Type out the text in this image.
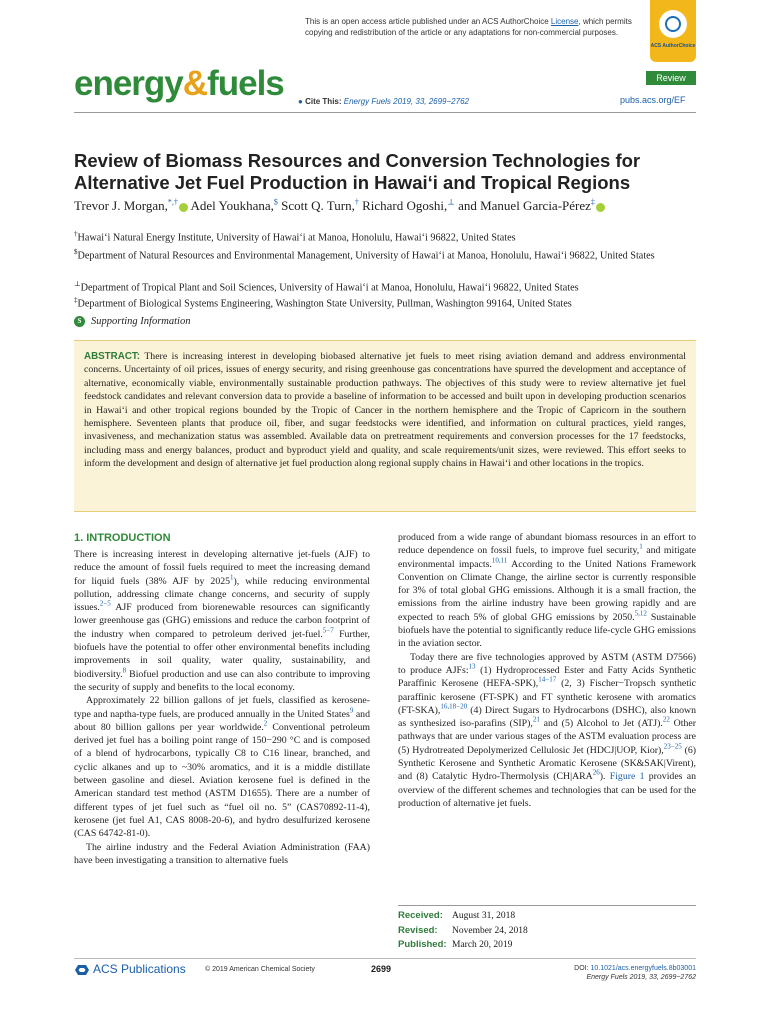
This is an open access article published under an ACS AuthorChoice License, which permits copying and redistribution of the article or any adaptations for non-commercial purposes.
ACS AuthorChoice
energy&fuels ● Cite This: Energy Fuels 2019, 33, 2699−2762
Review
pubs.acs.org/EF
Review of Biomass Resources and Conversion Technologies for Alternative Jet Fuel Production in Hawai‘i and Tropical Regions
Trevor J. Morgan,*,† Adel Youkhana,$ Scott Q. Turn,† Richard Ogoshi,⊥ and Manuel Garcia-Pérez‡
†Hawai‘i Natural Energy Institute, University of Hawai‘i at Manoa, Honolulu, Hawai‘i 96822, United States
$Department of Natural Resources and Environmental Management, University of Hawai‘i at Manoa, Honolulu, Hawai‘i 96822, United States
⊥Department of Tropical Plant and Soil Sciences, University of Hawai‘i at Manoa, Honolulu, Hawai‘i 96822, United States
‡Department of Biological Systems Engineering, Washington State University, Pullman, Washington 99164, United States
S Supporting Information

ABSTRACT: There is increasing interest in developing biobased alternative jet fuels to meet rising aviation demand and address environmental concerns. Uncertainty of oil prices, issues of energy security, and rising greenhouse gas concentrations have spurred the development and acceptance of alternative, economically viable, environmentally sustainable production pathways. The objectives of this study were to review alternative jet fuel feedstock candidates and relevant conversion data to provide a baseline of information to be accessed and built upon in developing production scenarios in Hawai‘i and other tropical regions bounded by the Tropic of Cancer in the northern hemisphere and the Tropic of Capricorn in the southern hemisphere. Seventeen plants that produce oil, fiber, and sugar feedstocks were identified, and information on cultural practices, yield ranges, invasiveness, and mechanization status was assembled. Available data on pretreatment requirements and conversion processes for the 17 feedstocks, including mass and energy balances, product and byproduct yield and quality, and scale requirements/unit sizes, were reviewed. This effort seeks to inform the development and design of alternative jet fuel production along regional supply chains in Hawai‘i and other locations in the tropics.

1. INTRODUCTION

There is increasing interest in developing alternative jet-fuels (AJF) to reduce the amount of fossil fuels required to meet the increasing demand for liquid fuels (38% AJF by 2025$^1$), while reducing environmental pollution, addressing climate change concerns, and security of supply issues.$^{2-5}$ AJF produced from biorenewable resources can significantly lower greenhouse gas (GHG) emissions and reduce the carbon footprint of the industry when compared to petroleum derived jet-fuel.$^{5-7}$ Further, biofuels have the potential to offer other environmental benefits including improvements in soil quality, water quality, sustainability, and biodiversity.$^8$ Biofuel production and use can also contribute to improving the security of supply and benefits to the local economy.

Approximately 22 billion gallons of jet fuels, classified as kerosene-type and naptha-type fuels, are produced annually in the United States$^9$ and about 80 billion gallons per year worldwide.$^2$ Conventional petroleum derived jet fuel has a boiling point range of 150−290 °C and is composed of a blend of hydrocarbons, typically C8 to C16 linear, branched, and cyclic alkanes and up to ~30% aromatics, and it is a middle distillate between gasoline and diesel. Aviation kerosene fuel is defined in the American standard test method (ASTM D1655). There are a number of different types of jet fuel such as “fuel oil no. 5” (CAS70892-11-4), kerosene (jet fuel A1, CAS 8008-20-6), and hydro desulfurized kerosene (CAS 64742-81-0).

The airline industry and the Federal Aviation Administration (FAA) have been investigating a transition to alternative fuels

produced from a wide range of abundant biomass resources in an effort to reduce dependence on fossil fuels, to improve fuel security,$^1$ and mitigate environmental impacts.$^{10,11}$ According to the United Nations Framework Convention on Climate Change, the airline sector is currently responsible for 3% of total global GHG emissions. Although it is a small fraction, the emissions from the airline industry have been growing rapidly and are expected to reach 5% of global GHG emissions by 2050.$^{5,12}$ Sustainable biofuels have the potential to significantly reduce life-cycle GHG emissions in the aviation sector.

Today there are five technologies approved by ASTM (ASTM D7566) to produce AJFs:$^{13}$ (1) Hydroprocessed Ester and Fatty Acids Synthetic Paraffinic Kerosene (HEFA-SPK),$^{14-17}$ (2, 3) Fischer−Tropsch synthetic paraffinic kerosene (FT-SPK) and FT synthetic kerosene with aromatics (FT-SKA),$^{16,18-20}$ (4) Direct Sugars to Hydrocarbons (DSHC), also known as synthesized iso-parafins (SIP),$^{21}$ and (5) Alcohol to Jet (ATJ).$^{22}$ Other pathways that are under various stages of the ASTM evaluation process are (5) Hydrotreated Depolymerized Cellulosic Jet (HDCJ|UOP, Kior),$^{23-25}$ (6) Synthetic Kerosene and Synthetic Aromatic Kerosene (SK&SAK|Virent), and (8) Catalytic Hydro-Thermolysis (CH|ARA$^{26}$). Figure 1 provides an overview of the different schemes and technologies that can be used for the production of alternative jet fuels.

Received: August 31, 2018
Revised: November 24, 2018
Published: March 20, 2019
ACS Publications	© 2019 American Chemical Society	2699	DOI: 10.1021/acs.energyfuels.8b03001
Energy Fuels 2019, 33, 2699−2762
